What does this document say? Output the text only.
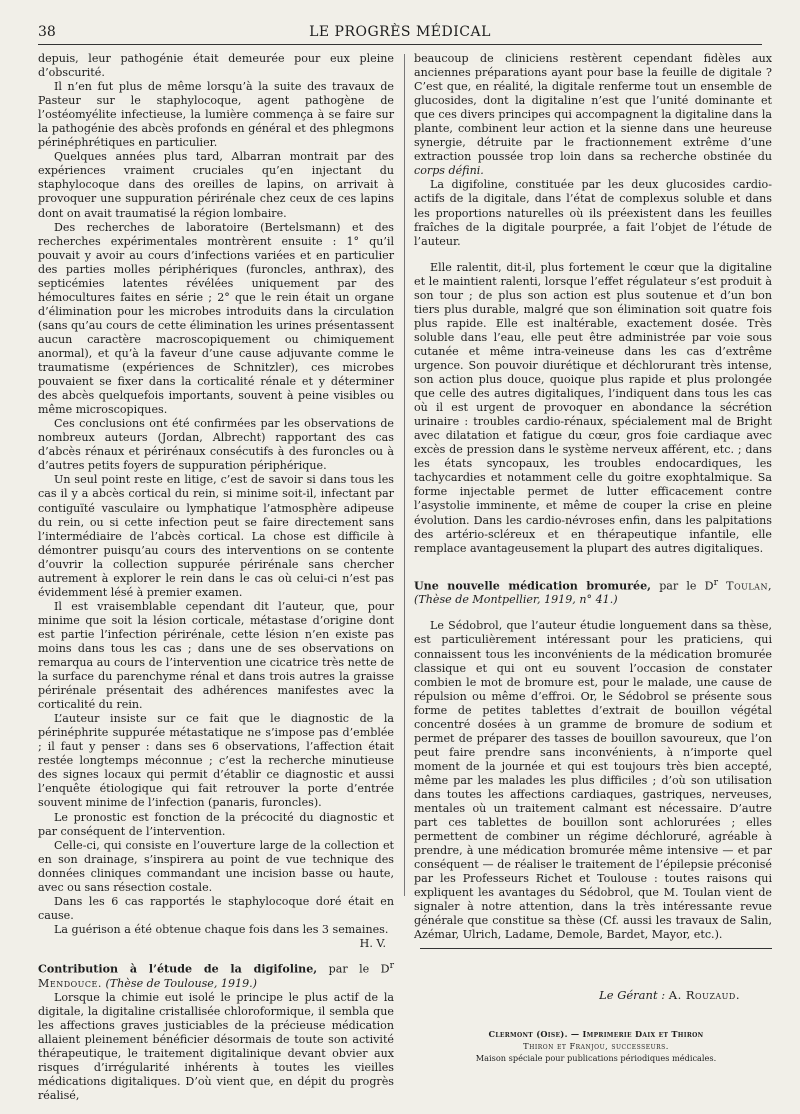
38	LE PROGRÈS MÉDICAL

depuis, leur pathogénie était demeurée pour eux pleine d’obscurité.

Il n’en fut plus de même lorsqu’à la suite des travaux de Pasteur sur le staphylocoque, agent pathogène de l’ostéomyélite infectieuse, la lumière commença à se faire sur la pathogénie des abcès profonds en général et des phlegmons périnéphrétiques en particulier.

Quelques années plus tard, Albarran montrait par des expériences vraiment cruciales qu’en injectant du staphylocoque dans des oreilles de lapins, on arrivait à provoquer une suppuration périrénale chez ceux de ces lapins dont on avait traumatisé la région lombaire.

Des recherches de laboratoire (Bertelsmann) et des recherches expérimentales montrèrent ensuite : 1° qu’il pouvait y avoir au cours d’infections variées et en particulier des parties molles périphériques (furoncles, anthrax), des septicémies latentes révélées uniquement par des hémocultures faites en série ; 2° que le rein était un organe d’élimination pour les microbes introduits dans la circulation (sans qu’au cours de cette élimination les urines présentassent aucun caractère macroscopiquement ou chimiquement anormal), et qu’à la faveur d’une cause adjuvante comme le traumatisme (expériences de Schnitzler), ces microbes pouvaient se fixer dans la corticalité rénale et y déterminer des abcès quelquefois importants, souvent à peine visibles ou même microscopiques.

Ces conclusions ont été confirmées par les observations de nombreux auteurs (Jordan, Albrecht) rapportant des cas d’abcès rénaux et périrénaux consécutifs à des furoncles ou à d’autres petits foyers de suppuration périphérique.

Un seul point reste en litige, c’est de savoir si dans tous les cas il y a abcès cortical du rein, si minime soit-il, infectant par contiguïté vasculaire ou lymphatique l’atmosphère adipeuse du rein, ou si cette infection peut se faire directement sans l’intermédiaire de l’abcès cortical. La chose est difficile à démontrer puisqu’au cours des interventions on se contente d’ouvrir la collection suppurée périrénale sans chercher autrement à explorer le rein dans le cas où celui-ci n’est pas évidemment lésé à premier examen.

Il est vraisemblable cependant dit l’auteur, que, pour minime que soit la lésion corticale, métastase d’origine dont est partie l’infection périrénale, cette lésion n’en existe pas moins dans tous les cas ; dans une de ses observations on remarqua au cours de l’intervention une cicatrice très nette de la surface du parenchyme rénal et dans trois autres la graisse périrénale présentait des adhérences manifestes avec la corticalité du rein.

L’auteur insiste sur ce fait que le diagnostic de la périnéphrite suppurée métastatique ne s’impose pas d’emblée ; il faut y penser : dans ses 6 observations, l’affection était restée longtemps méconnue ; c’est la recherche minutieuse des signes locaux qui permit d’établir ce diagnostic et aussi l’enquête étiologique qui fait retrouver la porte d’entrée souvent minime de l’infection (panaris, furoncles).

Le pronostic est fonction de la précocité du diagnostic et par conséquent de l’intervention.

Celle-ci, qui consiste en l’ouverture large de la collection et en son drainage, s’inspirera au point de vue technique des données cliniques commandant une incision basse ou haute, avec ou sans résection costale.

Dans les 6 cas rapportés le staphylocoque doré était en cause.

La guérison a été obtenue chaque fois dans les 3 semaines.

H. V.

Contribution à l’étude de la digifoline, par le $D^r$ Mendouce. (Thèse de Toulouse, 1919.)

Lorsque la chimie eut isolé le principe le plus actif de la digitale, la digitaline cristallisée chloroformique, il sembla que les affections graves justiciables de la précieuse médication allaient pleinement bénéficier désormais de toute son activité thérapeutique, le traitement digitalinique devant obvier aux risques d’irrégularité inhérents à toutes les vieilles médications digitaliques. D’où vient que, en dépit du progrès réalisé,

beaucoup de cliniciens restèrent cependant fidèles aux anciennes préparations ayant pour base la feuille de digitale ? C’est que, en réalité, la digitale renferme tout un ensemble de glucosides, dont la digitaline n’est que l’unité dominante et que ces divers principes qui accompagnent la digitaline dans la plante, combinent leur action et la sienne dans une heureuse synergie, détruite par le fractionnement extrême d’une extraction poussée trop loin dans sa recherche obstinée du corps défini.

La digifoline, constituée par les deux glucosides cardio-actifs de la digitale, dans l’état de complexus soluble et dans les proportions naturelles où ils préexistent dans les feuilles fraîches de la digitale pourprée, a fait l’objet de l’étude de l’auteur.

Elle ralentit, dit-il, plus fortement le cœur que la digitaline et le maintient ralenti, lorsque l’effet régulateur s’est produit à son tour ; de plus son action est plus soutenue et d’un bon tiers plus durable, malgré que son élimination soit quatre fois plus rapide. Elle est inaltérable, exactement dosée. Très soluble dans l’eau, elle peut être administrée par voie sous cutanée et même intra-veineuse dans les cas d’extrême urgence. Son pouvoir diurétique et déchlorurant très intense, son action plus douce, quoique plus rapide et plus prolongée que celle des autres digitaliques, l’indiquent dans tous les cas où il est urgent de provoquer en abondance la sécrétion urinaire : troubles cardio-rénaux, spécialement mal de Bright avec dilatation et fatigue du cœur, gros foie cardiaque avec excès de pression dans le système nerveux afférent, etc. ; dans les états syncopaux, les troubles endocardiques, les tachycardies et notamment celle du goitre exophtalmique. Sa forme injectable permet de lutter efficacement contre l’asystolie imminente, et même de couper la crise en pleine évolution. Dans les cardio-névroses enfin, dans les palpitations des artério-scléreux et en thérapeutique infantile, elle remplace avantageusement la plupart des autres digitaliques.

Une nouvelle médication bromurée, par le $D^r$ Toulan, (Thèse de Montpellier, 1919, n° 41.)

Le Sédobrol, que l’auteur étudie longuement dans sa thèse, est particulièrement intéressant pour les praticiens, qui connaissent tous les inconvénients de la médication bromurée classique et qui ont eu souvent l’occasion de constater combien le mot de bromure est, pour le malade, une cause de répulsion ou même d’effroi. Or, le Sédobrol se présente sous forme de petites tablettes d’extrait de bouillon végétal concentré dosées à un gramme de bromure de sodium et permet de préparer des tasses de bouillon savoureux, que l’on peut faire prendre sans inconvénients, à n’importe quel moment de la journée et qui est toujours très bien accepté, même par les malades les plus difficiles ; d’où son utilisation dans toutes les affections cardiaques, gastriques, nerveuses, mentales où un traitement calmant est nécessaire. D’autre part ces tablettes de bouillon sont achlorurées ; elles permettent de combiner un régime déchloruré, agréable à prendre, à une médication bromurée même intensive — et par conséquent — de réaliser le traitement de l’épilepsie préconisé par les Professeurs Richet et Toulouse : toutes raisons qui expliquent les avantages du Sédobrol, que M. Toulan vient de signaler à notre attention, dans la très intéressante revue générale que constitue sa thèse (Cf. aussi les travaux de Salin, Azémar, Ulrich, Ladame, Demole, Bardet, Mayor, etc.).

Le Gérant : A. Rouzaud.
Clermont (Oise). — Imprimerie Daix et Thiron
Thiron et Franjou, successeurs.
Maison spéciale pour publications périodiques médicales.
